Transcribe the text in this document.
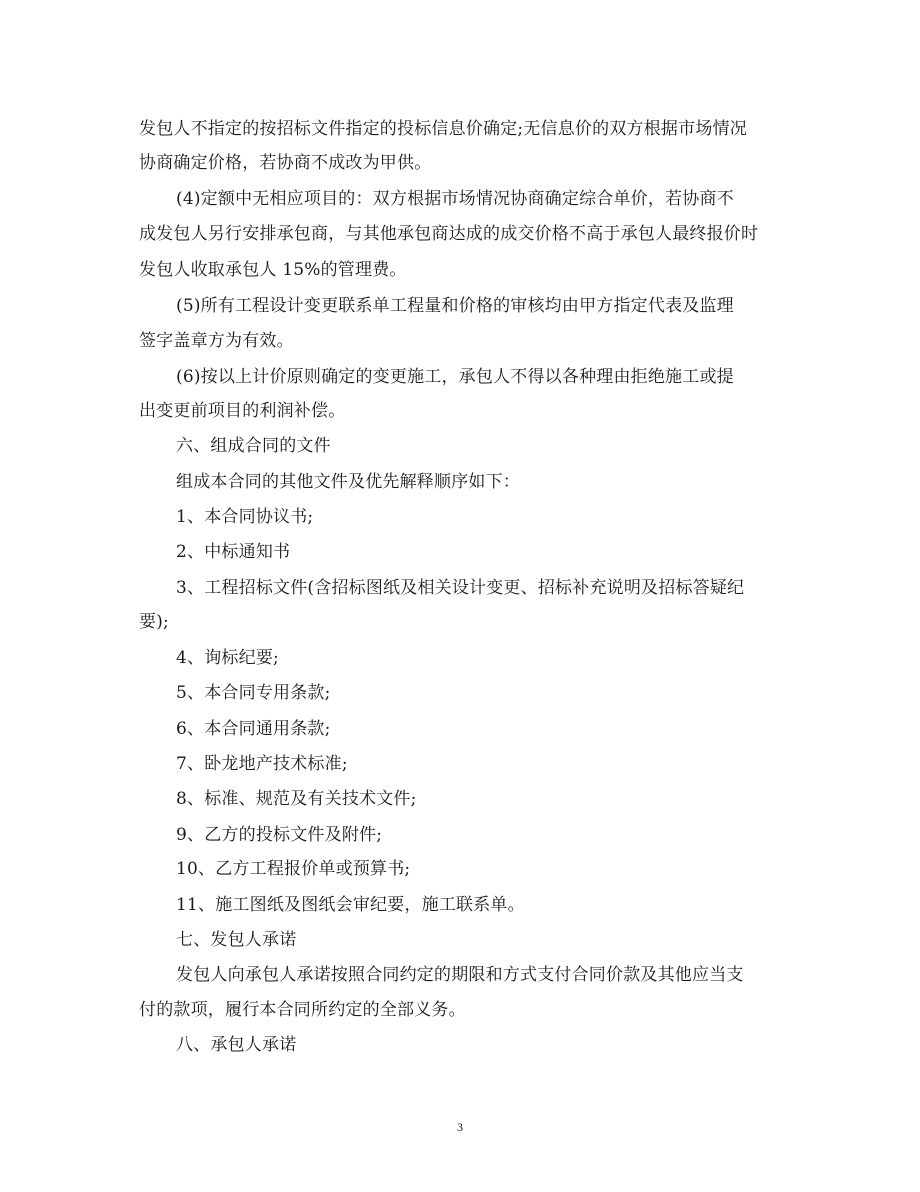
发包人不指定的按招标文件指定的投标信息价确定;无信息价的双方根据市场情况
协商确定价格，若协商不成改为甲供。
(4)定额中无相应项目的：双方根据市场情况协商确定综合单价，若协商不
成发包人另行安排承包商，与其他承包商达成的成交价格不高于承包人最终报价时
发包人收取承包人 15%的管理费。
(5)所有工程设计变更联系单工程量和价格的审核均由甲方指定代表及监理
签字盖章方为有效。
(6)按以上计价原则确定的变更施工，承包人不得以各种理由拒绝施工或提
出变更前项目的利润补偿。
六、组成合同的文件
组成本合同的其他文件及优先解释顺序如下：
1、本合同协议书;
2、中标通知书
3、工程招标文件(含招标图纸及相关设计变更、招标补充说明及招标答疑纪
要);
4、询标纪要;
5、本合同专用条款;
6、本合同通用条款;
7、卧龙地产技术标准;
8、标准、规范及有关技术文件;
9、乙方的投标文件及附件;
10、乙方工程报价单或预算书;
11、施工图纸及图纸会审纪要，施工联系单。
七、发包人承诺
发包人向承包人承诺按照合同约定的期限和方式支付合同价款及其他应当支
付的款项，履行本合同所约定的全部义务。
八、承包人承诺
3
